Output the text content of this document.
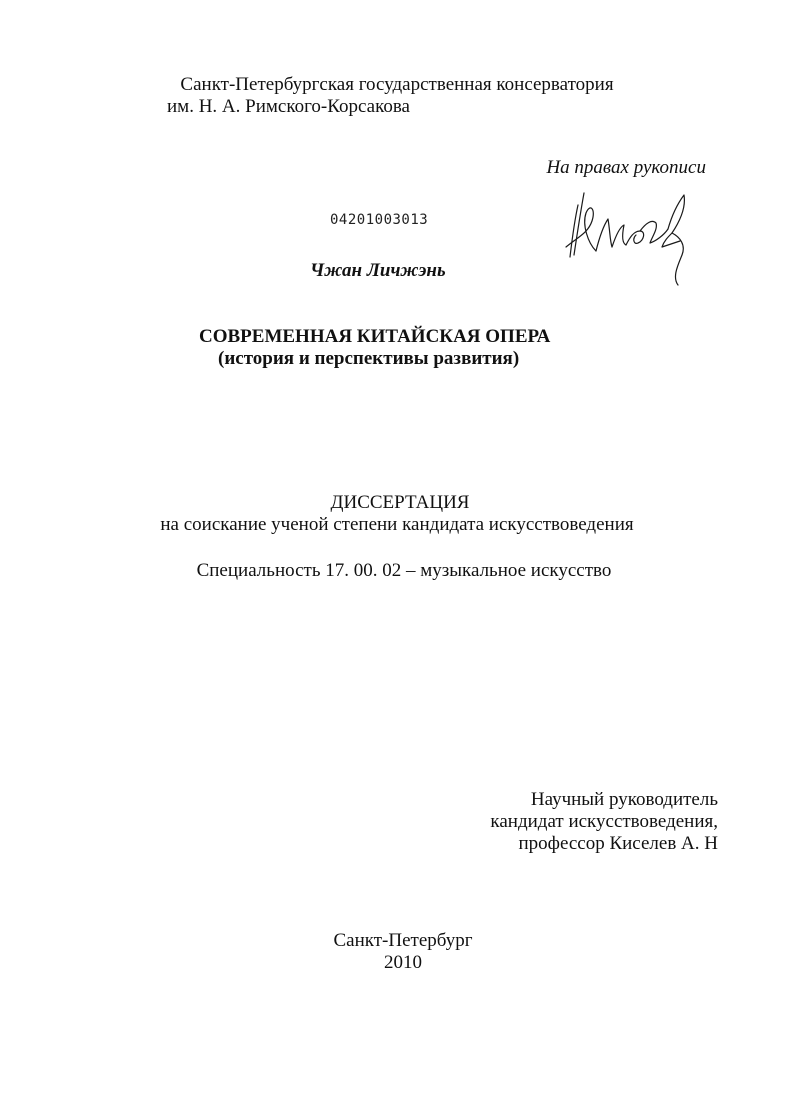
Санкт-Петербургская государственная консерватория
им. Н. А. Римского-Корсакова
На правах рукописи
04201003013
Чжан Личжэнь
СОВРЕМЕННАЯ КИТАЙСКАЯ ОПЕРА
(история и перспективы развития)
ДИССЕРТАЦИЯ
на соискание ученой степени кандидата искусствоведения
Специальность 17. 00. 02 – музыкальное искусство
Научный руководитель
кандидат искусствоведения,
профессор Киселев А. Н
Санкт-Петербург
2010
